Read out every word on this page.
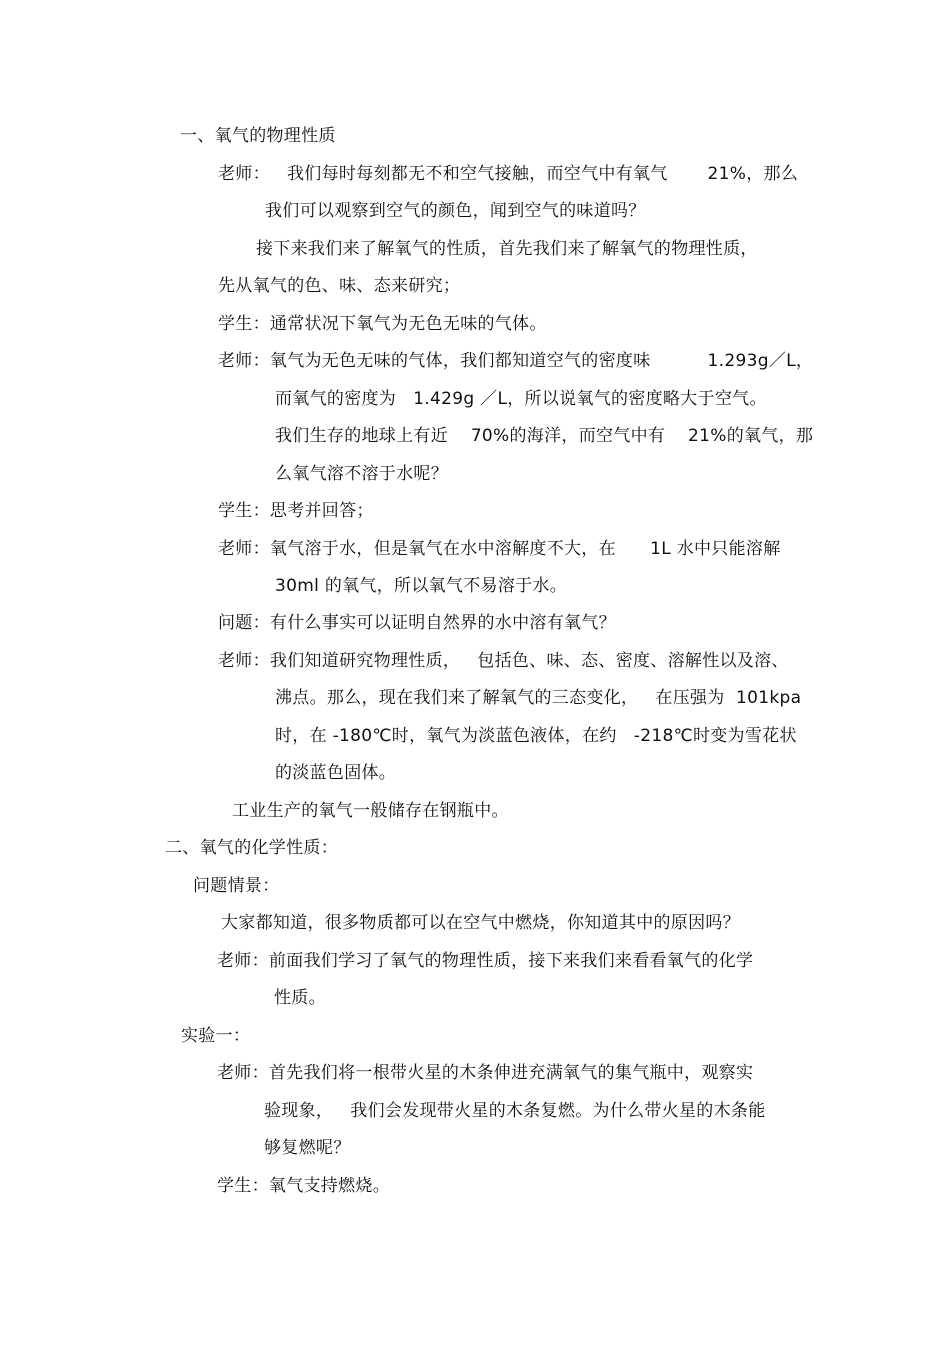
一、氧气的物理性质
老师：   我们每时每刻都无不和空气接触，而空气中有氧气       21%，那么
我们可以观察到空气的颜色，闻到空气的味道吗？
接下来我们来了解氧气的性质，首先我们来了解氧气的物理性质，
先从氧气的色、味、态来研究；
学生：通常状况下氧气为无色无味的气体。
老师：氧气为无色无味的气体，我们都知道空气的密度味          1.293g／L，
而氧气的密度为   1.429g ／L，所以说氧气的密度略大于空气。
我们生存的地球上有近    70%的海洋，而空气中有    21%的氧气，那
么氧气溶不溶于水呢？
学生：思考并回答；
老师：氧气溶于水，但是氧气在水中溶解度不大，在      1L 水中只能溶解
30ml 的氧气，所以氧气不易溶于水。
问题：有什么事实可以证明自然界的水中溶有氧气？
老师：我们知道研究物理性质，   包括色、味、态、密度、溶解性以及溶、
沸点。那么，现在我们来了解氧气的三态变化，   在压强为  101kpa
时，在 -180℃时，氧气为淡蓝色液体，在约   -218℃时变为雪花状
的淡蓝色固体。
工业生产的氧气一般储存在钢瓶中。
二、氧气的化学性质：
问题情景：
大家都知道，很多物质都可以在空气中燃烧，你知道其中的原因吗？
老师：前面我们学习了氧气的物理性质，接下来我们来看看氧气的化学
性质。
实验一：
老师：首先我们将一根带火星的木条伸进充满氧气的集气瓶中，观察实
验现象，   我们会发现带火星的木条复燃。为什么带火星的木条能
够复燃呢？
学生：氧气支持燃烧。
